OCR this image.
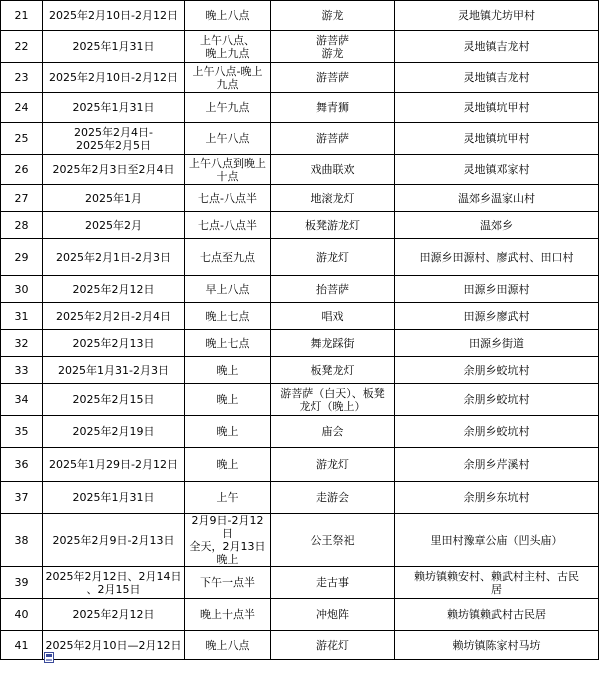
21	2025年2月10日-2月12日	晚上八点	游龙	灵地镇尤坊甲村
22	2025年1月31日	上午八点、
晚上九点	游菩萨
游龙	灵地镇吉龙村
23	2025年2月10日-2月12日	上午八点-晚上
九点	游菩萨	灵地镇吉龙村
24	2025年1月31日	上午九点	舞青狮	灵地镇坑甲村
25	2025年2月4日-
2025年2月5日	上午八点	游菩萨	灵地镇坑甲村
26	2025年2月3日至2月4日	上午八点到晚上
十点	戏曲联欢	灵地镇邓家村
27	2025年1月	七点-八点半	地滚龙灯	温郊乡温家山村
28	2025年2月	七点-八点半	板凳游龙灯	温郊乡
29	2025年2月1日-2月3日	七点至九点	游龙灯	田源乡田源村、廖武村、田口村
30	2025年2月12日	早上八点	抬菩萨	田源乡田源村
31	2025年2月2日-2月4日	晚上七点	唱戏	田源乡廖武村
32	2025年2月13日	晚上七点	舞龙踩街	田源乡街道
33	2025年1月31-2月3日	晚上	板凳龙灯	余朋乡蛟坑村
34	2025年2月15日	晚上	游菩萨（白天）、板凳
龙灯（晚上）	余朋乡蛟坑村
35	2025年2月19日	晚上	庙会	余朋乡蛟坑村
36	2025年1月29日-2月12日	晚上	游龙灯	余朋乡芹溪村
37	2025年1月31日	上午	走游会	余朋乡东坑村
38	2025年2月9日-2月13日	2月9日-2月12日
全天，2月13日
晚上	公王祭祀	里田村豫章公庙（凹头庙）
39	2025年2月12日、2月14日
、2月15日	下午一点半	走古事	赖坊镇赖安村、赖武村主村、古民
居
40	2025年2月12日	晚上十点半	冲炮阵	赖坊镇赖武村古民居
41	2025年2月10日—2月12日	晚上八点	游花灯	赖坊镇陈家村马坊
